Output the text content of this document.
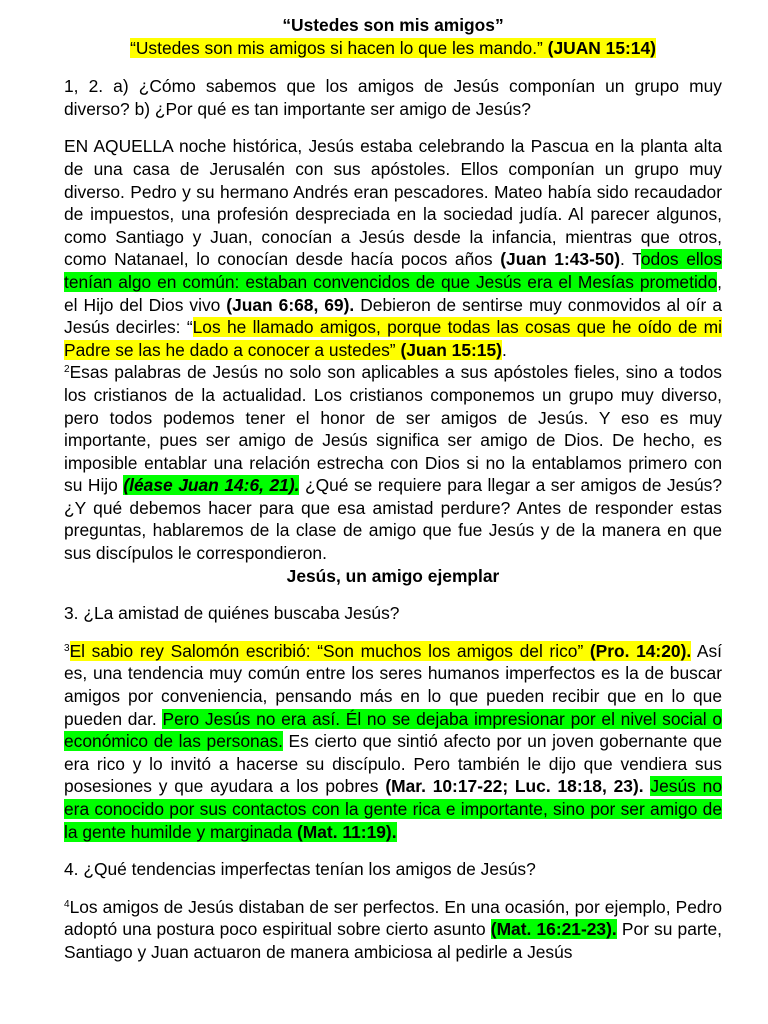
“Ustedes son mis amigos”
“Ustedes son mis amigos si hacen lo que les mando.” (JUAN 15:14)

1, 2. a) ¿Cómo sabemos que los amigos de Jesús componían un grupo muy diverso? b) ¿Por qué es tan importante ser amigo de Jesús?

EN AQUELLA noche histórica, Jesús estaba celebrando la Pascua en la planta alta de una casa de Jerusalén con sus apóstoles. Ellos componían un grupo muy diverso. Pedro y su hermano Andrés eran pescadores. Mateo había sido recaudador de impuestos, una profesión despreciada en la sociedad judía. Al parecer algunos, como Santiago y Juan, conocían a Jesús desde la infancia, mientras que otros, como Natanael, lo conocían desde hacía pocos años (Juan 1:43-50). Todos ellos tenían algo en común: estaban convencidos de que Jesús era el Mesías prometido, el Hijo del Dios vivo (Juan 6:68, 69). Debieron de sentirse muy conmovidos al oír a Jesús decirles: “Los he llamado amigos, porque todas las cosas que he oído de mi Padre se las he dado a conocer a ustedes” (Juan 15:15).

$^2$Esas palabras de Jesús no solo son aplicables a sus apóstoles fieles, sino a todos los cristianos de la actualidad. Los cristianos componemos un grupo muy diverso, pero todos podemos tener el honor de ser amigos de Jesús. Y eso es muy importante, pues ser amigo de Jesús significa ser amigo de Dios. De hecho, es imposible entablar una relación estrecha con Dios si no la entablamos primero con su Hijo (léase Juan 14:6, 21). ¿Qué se requiere para llegar a ser amigos de Jesús? ¿Y qué debemos hacer para que esa amistad perdure? Antes de responder estas preguntas, hablaremos de la clase de amigo que fue Jesús y de la manera en que sus discípulos le correspondieron.

Jesús, un amigo ejemplar

3. ¿La amistad de quiénes buscaba Jesús?

$^3$El sabio rey Salomón escribió: “Son muchos los amigos del rico” (Pro. 14:20). Así es, una tendencia muy común entre los seres humanos imperfectos es la de buscar amigos por conveniencia, pensando más en lo que pueden recibir que en lo que pueden dar. Pero Jesús no era así. Él no se dejaba impresionar por el nivel social o económico de las personas. Es cierto que sintió afecto por un joven gobernante que era rico y lo invitó a hacerse su discípulo. Pero también le dijo que vendiera sus posesiones y que ayudara a los pobres (Mar. 10:17-22; Luc. 18:18, 23). Jesús no era conocido por sus contactos con la gente rica e importante, sino por ser amigo de la gente humilde y marginada (Mat. 11:19).

4. ¿Qué tendencias imperfectas tenían los amigos de Jesús?

$^4$Los amigos de Jesús distaban de ser perfectos. En una ocasión, por ejemplo, Pedro adoptó una postura poco espiritual sobre cierto asunto (Mat. 16:21-23). Por su parte, Santiago y Juan actuaron de manera ambiciosa al pedirle a Jesús
